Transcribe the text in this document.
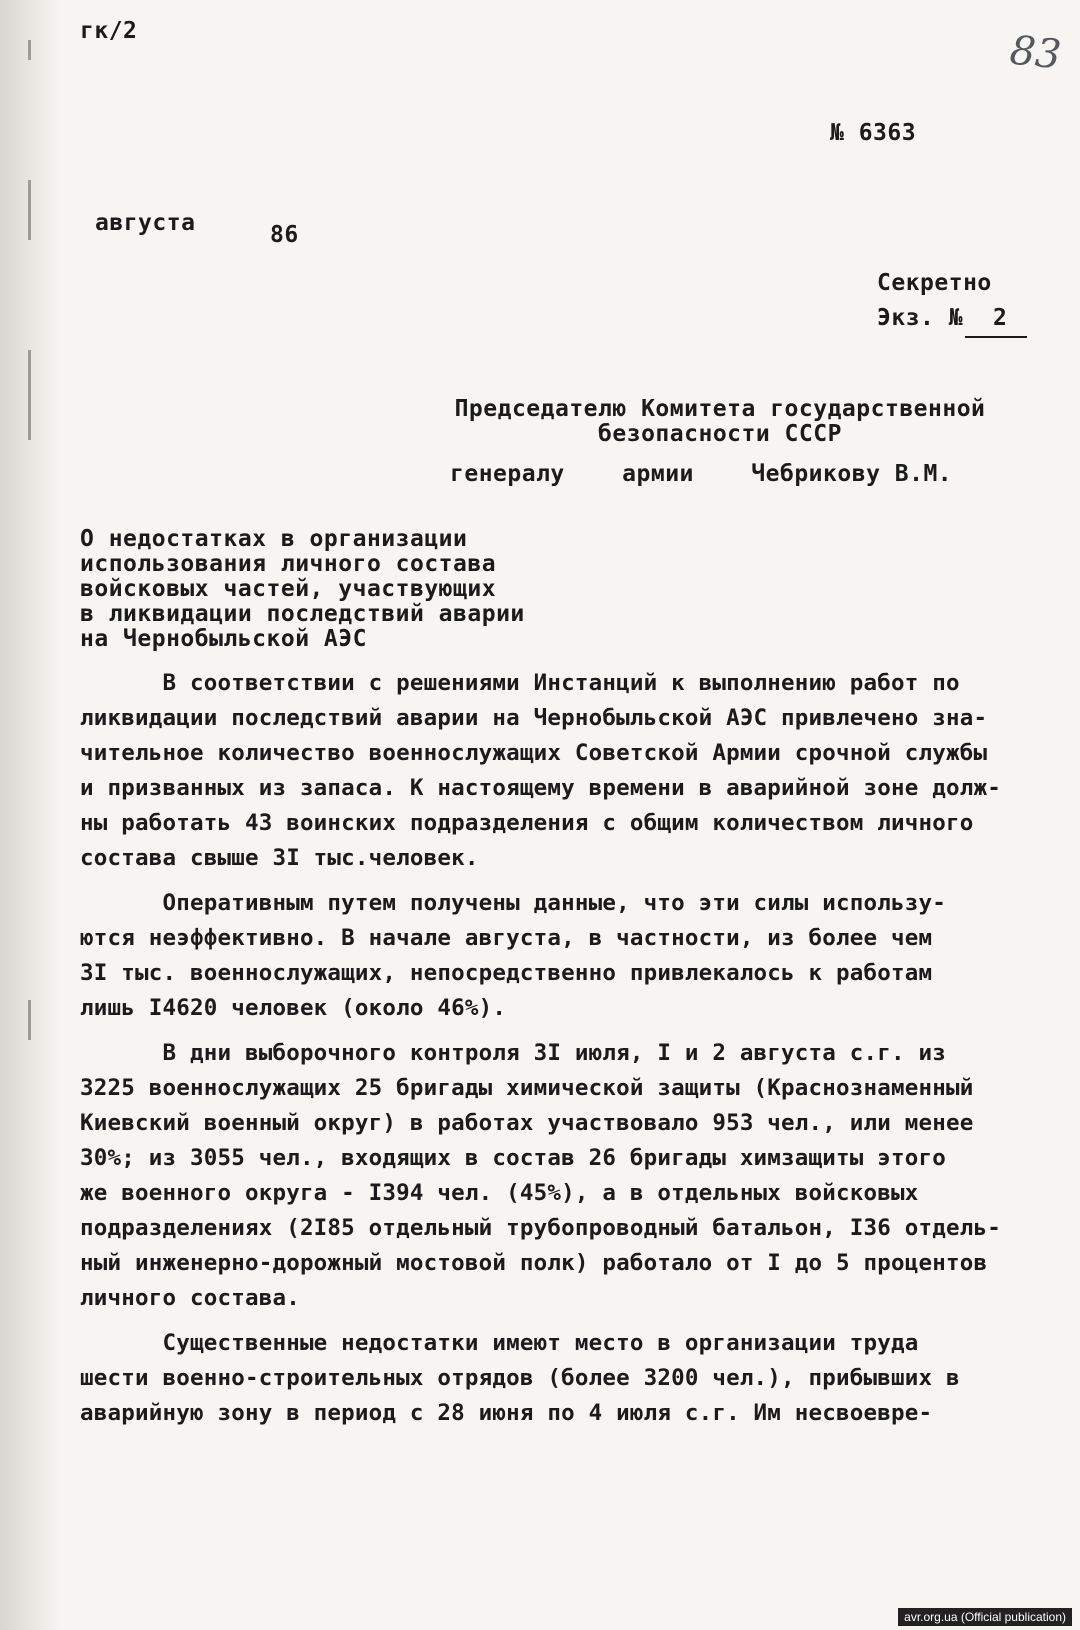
гк/2	83
№ 6363
августа	86
Секретно
Экз. № 2
Председателю Комитета государственной
безопасности СССР
генералу    армии    Чебрикову В.М.
О недостатках в организации
использования личного состава
войсковых частей, участвующих
в ликвидации последствий аварии
на Чернобыльской АЭС
В соответствии с решениями Инстанций к выполнению работ по
ликвидации последствий аварии на Чернобыльской АЭС привлечено зна-
чительное количество военнослужащих Советской Армии срочной службы
и призванных из запаса. К настоящему времени в аварийной зоне долж-
ны работать 43 воинских подразделения с общим количеством личного
состава свыше 3I тыс.человек.
Оперативным путем получены данные, что эти силы использу-
ются неэффективно. В начале августа, в частности, из более чем
3I тыс. военнослужащих, непосредственно привлекалось к работам
лишь I4620 человек (около 46%).
В дни выборочного контроля 3I июля, I и 2 августа с.г. из
3225 военнослужащих 25 бригады химической защиты (Краснознаменный
Киевский военный округ) в работах участвовало 953 чел., или менее
30%; из 3055 чел., входящих в состав 26 бригады химзащиты этого
же военного округа - I394 чел. (45%), а в отдельных войсковых
подразделениях (2I85 отдельный трубопроводный батальон, I36 отдель-
ный инженерно-дорожный мостовой полк) работало от I до 5 процентов
личного состава.
Существенные недостатки имеют место в организации труда
шести военно-строительных отрядов (более 3200 чел.), прибывших в
аварийную зону в период с 28 июня по 4 июля с.г. Им несвоевре-
avr.org.ua (Official publication)
